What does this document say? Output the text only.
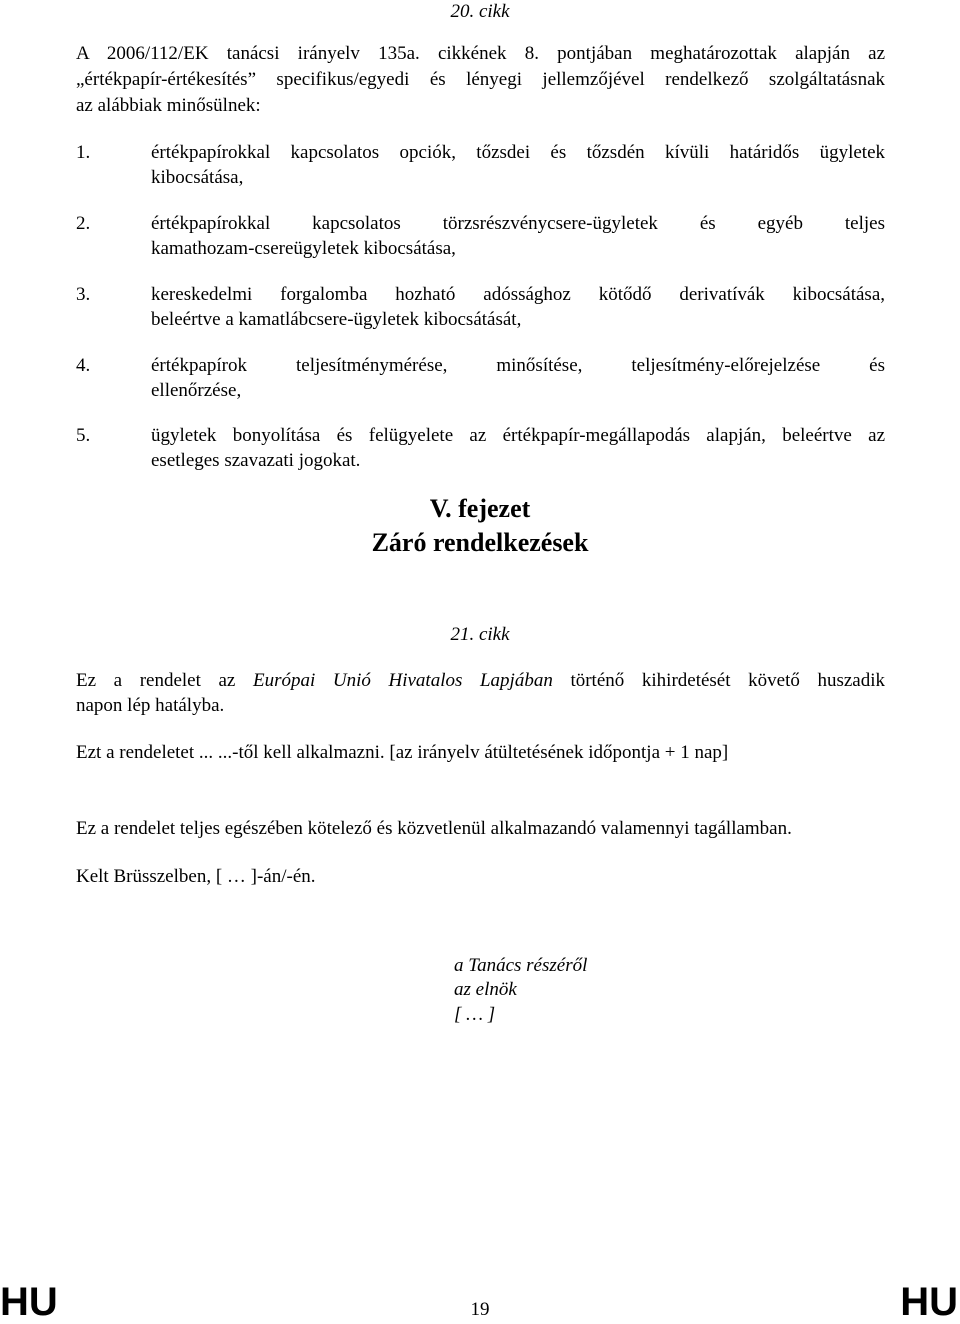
20. cikk
A 2006/112/EK tanácsi irányelv 135a. cikkének 8. pontjában meghatározottak alapján az
„értékpapír-értékesítés” specifikus/egyedi és lényegi jellemzőjével rendelkező szolgáltatásnak
az alábbiak minősülnek:
1.	értékpapírokkal kapcsolatos opciók, tőzsdei és tőzsdén kívüli határidős ügyletek
kibocsátása,
2.	értékpapírokkal kapcsolatos törzsrészvénycsere-ügyletek és egyéb teljes
kamathozam-csereügyletek kibocsátása,
3.	kereskedelmi forgalomba hozható adóssághoz kötődő derivatívák kibocsátása,
beleértve a kamatlábcsere-ügyletek kibocsátását,
4.	értékpapírok teljesítménymérése, minősítése, teljesítmény-előrejelzése és
ellenőrzése,
5.	ügyletek bonyolítása és felügyelete az értékpapír-megállapodás alapján, beleértve az
esetleges szavazati jogokat.
V. fejezet
Záró rendelkezések
21. cikk
Ez a rendelet az Európai Unió Hivatalos Lapjában történő kihirdetését követő huszadik
napon lép hatályba.
Ezt a rendeletet ... ...-től kell alkalmazni. [az irányelv átültetésének időpontja + 1 nap]
Ez a rendelet teljes egészében kötelező és közvetlenül alkalmazandó valamennyi tagállamban.
Kelt Brüsszelben, [ … ]-án/-én.
a Tanács részéről
az elnök
[ … ]
HU	19	HU
